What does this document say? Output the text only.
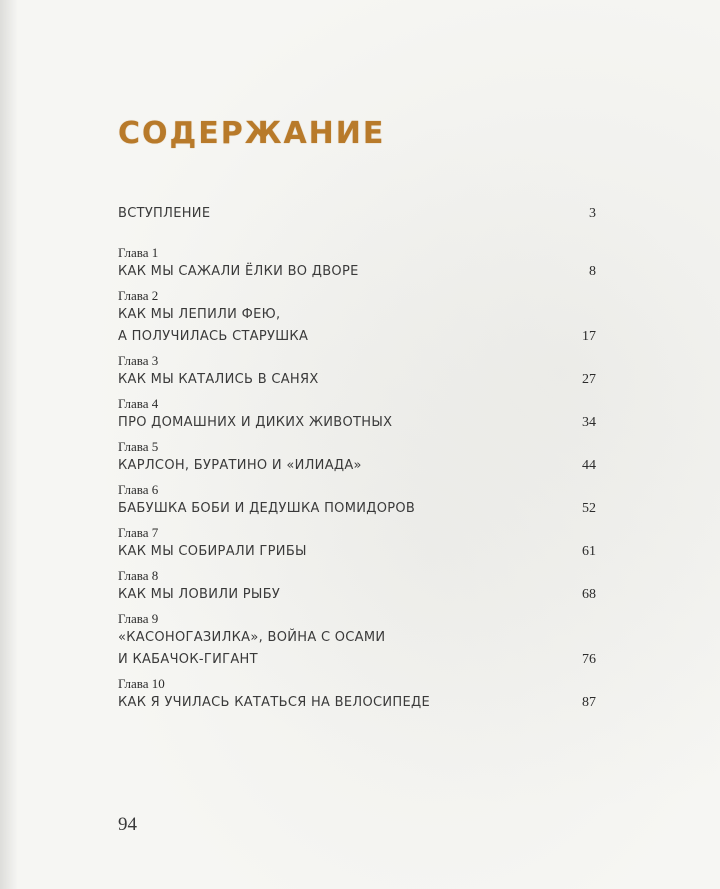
СОДЕРЖАНИЕ
ВСТУПЛЕНИЕ	3
Глава 1
КАК МЫ САЖАЛИ ЁЛКИ ВО ДВОРЕ	8
Глава 2
КАК МЫ ЛЕПИЛИ ФЕЮ,
А ПОЛУЧИЛАСЬ СТАРУШКА	17
Глава 3
КАК МЫ КАТАЛИСЬ В САНЯХ	27
Глава 4
ПРО ДОМАШНИХ И ДИКИХ ЖИВОТНЫХ	34
Глава 5
КАРЛСОН, БУРАТИНО И «ИЛИАДА»	44
Глава 6
БАБУШКА БОБИ И ДЕДУШКА ПОМИДОРОВ	52
Глава 7
КАК МЫ СОБИРАЛИ ГРИБЫ	61
Глава 8
КАК МЫ ЛОВИЛИ РЫБУ	68
Глава 9
«КАСОНОГАЗИЛКА», ВОЙНА С ОСАМИ
И КАБАЧОК-ГИГАНТ	76
Глава 10
КАК Я УЧИЛАСЬ КАТАТЬСЯ НА ВЕЛОСИПЕДЕ	87
94
